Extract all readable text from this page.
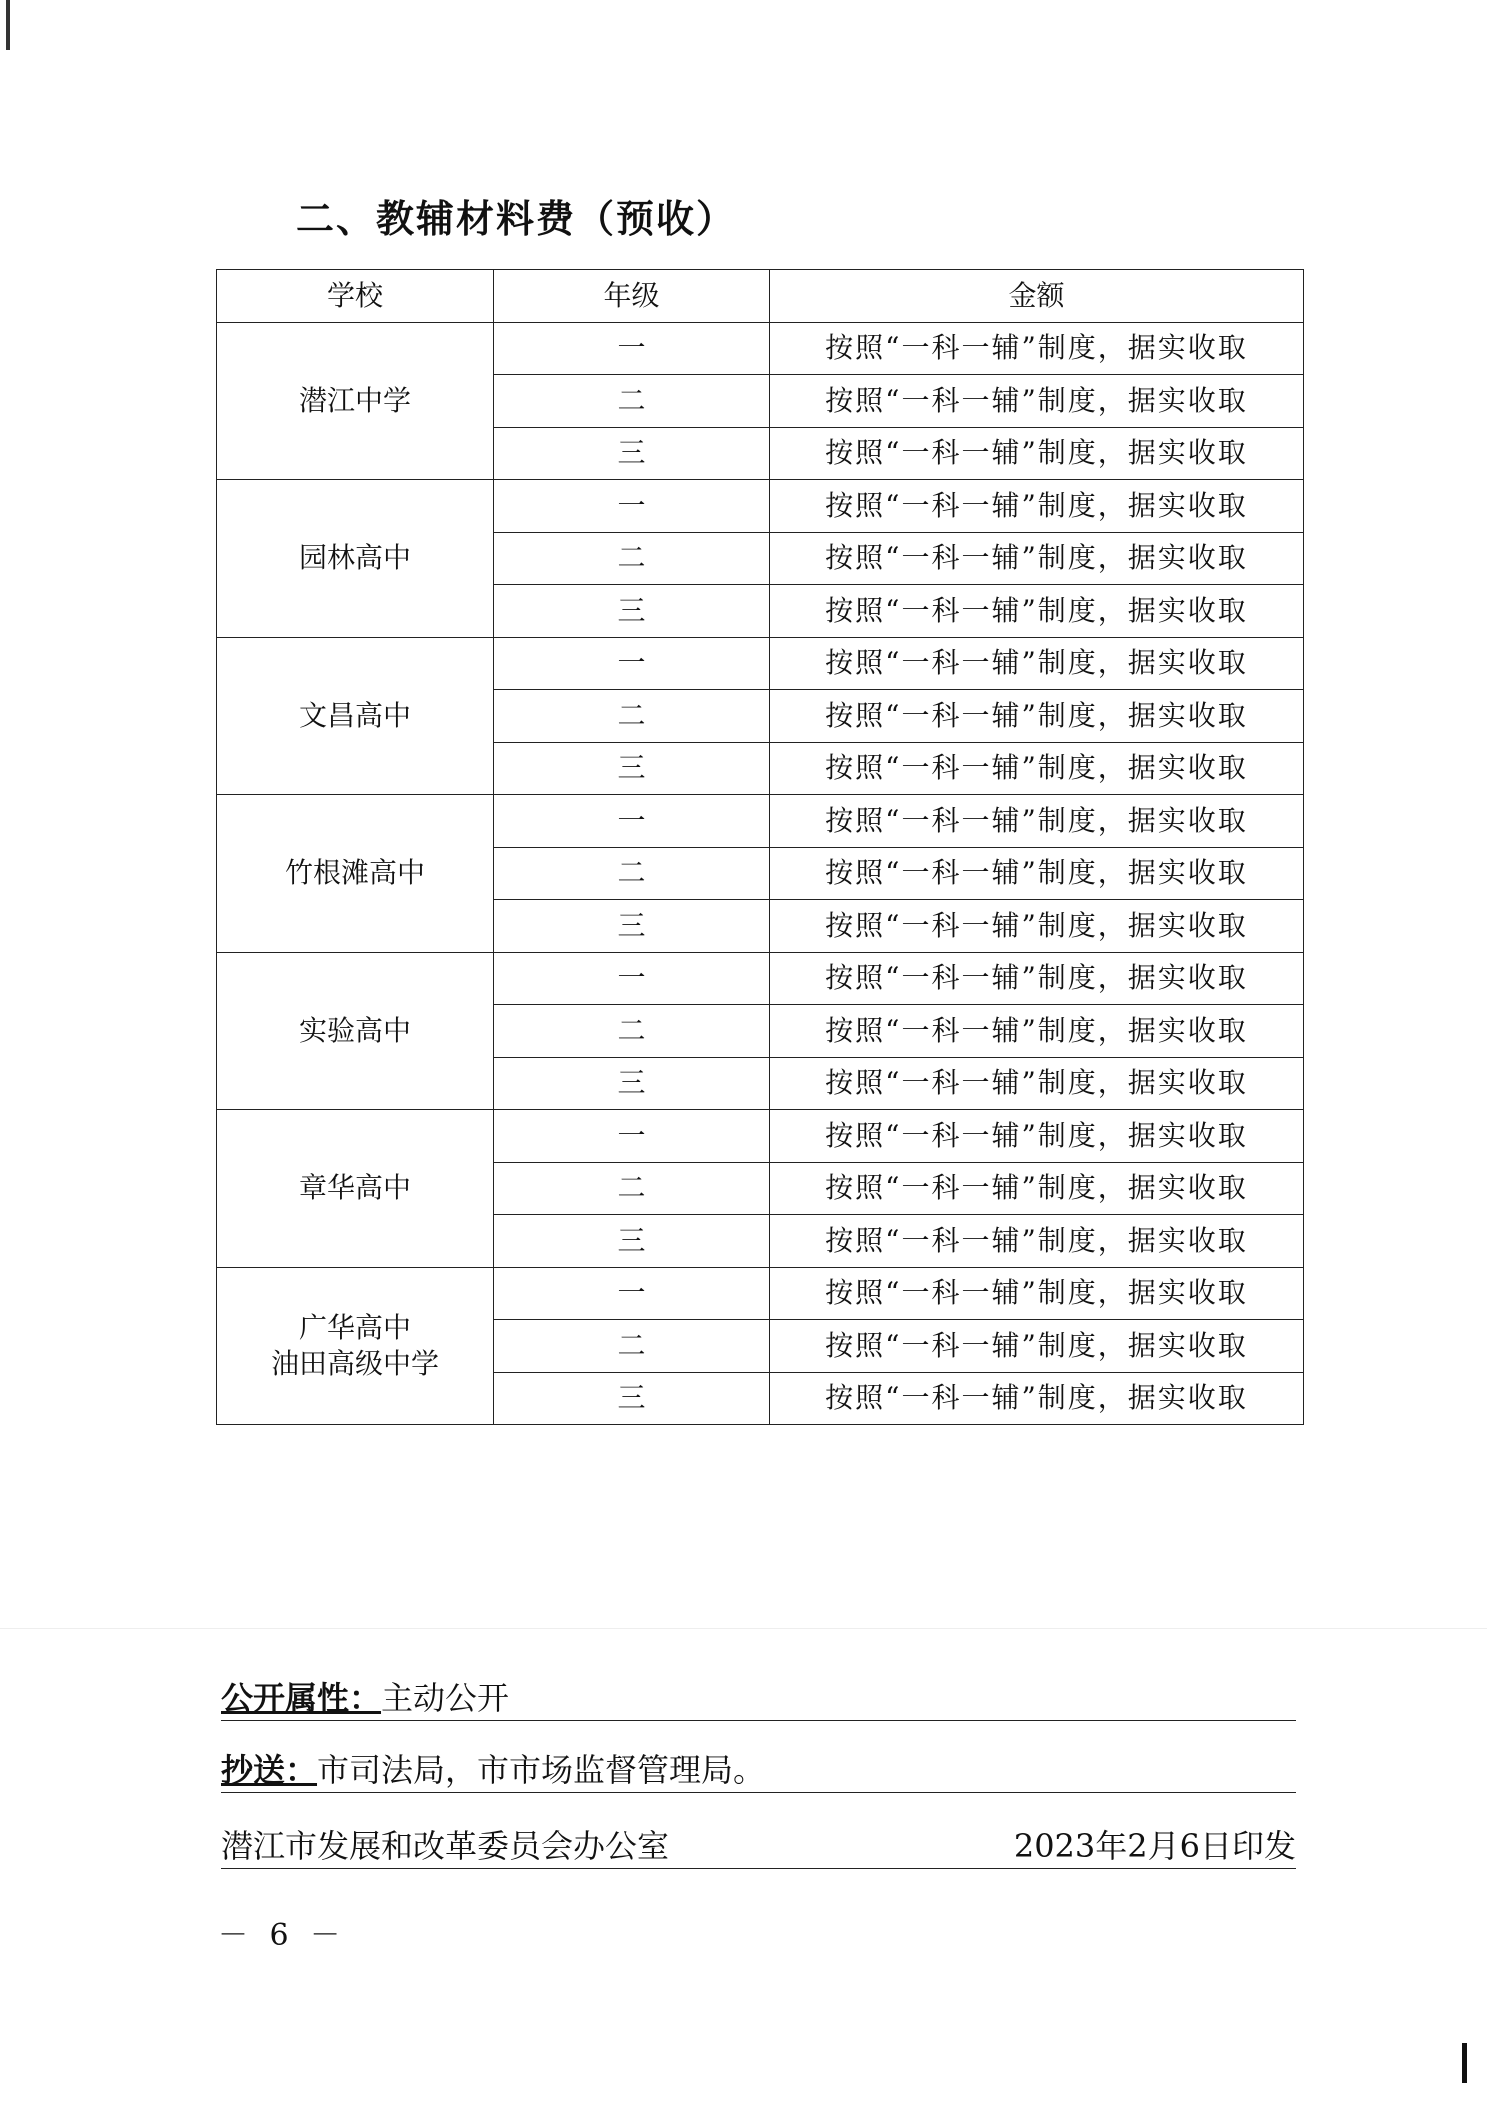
二、教辅材料费（预收）
学校	年级	金额

潜江中学	一	按照“一科一辅”制度，据实收取
	二	按照“一科一辅”制度，据实收取
	三	按照“一科一辅”制度，据实收取

园林高中	一	按照“一科一辅”制度，据实收取
	二	按照“一科一辅”制度，据实收取
	三	按照“一科一辅”制度，据实收取

文昌高中	一	按照“一科一辅”制度，据实收取
	二	按照“一科一辅”制度，据实收取
	三	按照“一科一辅”制度，据实收取

竹根滩高中	一	按照“一科一辅”制度，据实收取
	二	按照“一科一辅”制度，据实收取
	三	按照“一科一辅”制度，据实收取

实验高中	一	按照“一科一辅”制度，据实收取
	二	按照“一科一辅”制度，据实收取
	三	按照“一科一辅”制度，据实收取

章华高中	一	按照“一科一辅”制度，据实收取
	二	按照“一科一辅”制度，据实收取
	三	按照“一科一辅”制度，据实收取

广华高中
油田高级中学	一	按照“一科一辅”制度，据实收取
	二	按照“一科一辅”制度，据实收取
	三	按照“一科一辅”制度，据实收取
公开属性：主动公开
抄送：市司法局，市市场监督管理局。
潜江市发展和改革委员会办公室	2023年2月6日印发
－ 6 －
